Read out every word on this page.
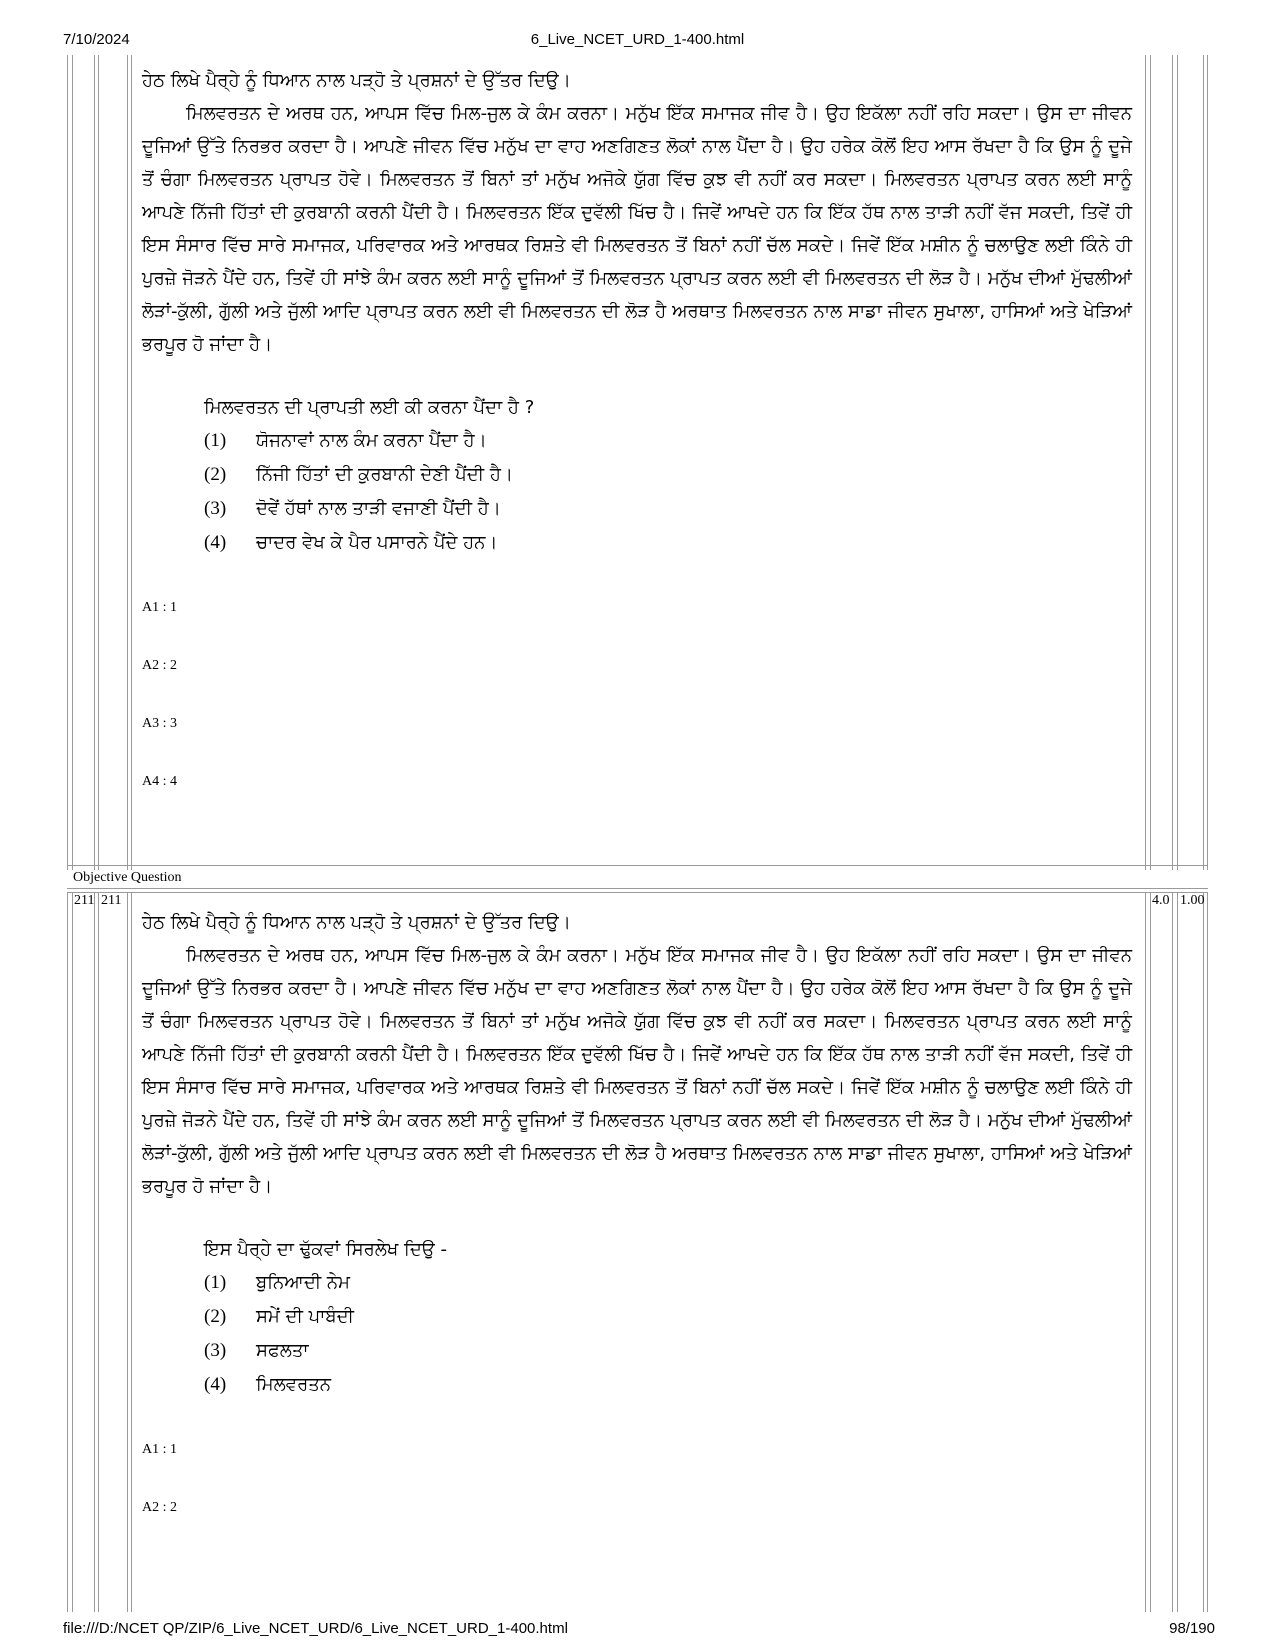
7/10/2024	6_Live_NCET_URD_1-400.html

ਹੇਠ ਲਿਖੇ ਪੈਰ੍ਹੇ ਨੂੰ ਧਿਆਨ ਨਾਲ ਪੜ੍ਹੋ ਤੇ ਪ੍ਰਸ਼ਨਾਂ ਦੇ ਉੱਤਰ ਦਿਉ।

ਮਿਲਵਰਤਨ ਦੇ ਅਰਥ ਹਨ, ਆਪਸ ਵਿੱਚ ਮਿਲ-ਜੁਲ ਕੇ ਕੰਮ ਕਰਨਾ। ਮਨੁੱਖ ਇੱਕ ਸਮਾਜਕ ਜੀਵ ਹੈ। ਉਹ ਇਕੱਲਾ ਨਹੀਂ ਰਹਿ ਸਕਦਾ। ਉਸ ਦਾ ਜੀਵਨ ਦੂਜਿਆਂ ਉੱਤੇ ਨਿਰਭਰ ਕਰਦਾ ਹੈ। ਆਪਣੇ ਜੀਵਨ ਵਿੱਚ ਮਨੁੱਖ ਦਾ ਵਾਹ ਅਣਗਿਣਤ ਲੋਕਾਂ ਨਾਲ ਪੈਂਦਾ ਹੈ। ਉਹ ਹਰੇਕ ਕੋਲੋਂ ਇਹ ਆਸ ਰੱਖਦਾ ਹੈ ਕਿ ਉਸ ਨੂੰ ਦੂਜੇ ਤੋਂ ਚੰਗਾ ਮਿਲਵਰਤਨ ਪ੍ਰਾਪਤ ਹੋਵੇ। ਮਿਲਵਰਤਨ ਤੋਂ ਬਿਨਾਂ ਤਾਂ ਮਨੁੱਖ ਅਜੋਕੇ ਯੁੱਗ ਵਿੱਚ ਕੁਝ ਵੀ ਨਹੀਂ ਕਰ ਸਕਦਾ। ਮਿਲਵਰਤਨ ਪ੍ਰਾਪਤ ਕਰਨ ਲਈ ਸਾਨੂੰ ਆਪਣੇ ਨਿੱਜੀ ਹਿੱਤਾਂ ਦੀ ਕੁਰਬਾਨੀ ਕਰਨੀ ਪੈਂਦੀ ਹੈ। ਮਿਲਵਰਤਨ ਇੱਕ ਦੁਵੱਲੀ ਖਿੱਚ ਹੈ। ਜਿਵੇਂ ਆਖਦੇ ਹਨ ਕਿ ਇੱਕ ਹੱਥ ਨਾਲ ਤਾੜੀ ਨਹੀਂ ਵੱਜ ਸਕਦੀ, ਤਿਵੇਂ ਹੀ ਇਸ ਸੰਸਾਰ ਵਿੱਚ ਸਾਰੇ ਸਮਾਜਕ, ਪਰਿਵਾਰਕ ਅਤੇ ਆਰਥਕ ਰਿਸ਼ਤੇ ਵੀ ਮਿਲਵਰਤਨ ਤੋਂ ਬਿਨਾਂ ਨਹੀਂ ਚੱਲ ਸਕਦੇ। ਜਿਵੇਂ ਇੱਕ ਮਸ਼ੀਨ ਨੂੰ ਚਲਾਉਣ ਲਈ ਕਿੰਨੇ ਹੀ ਪੁਰਜ਼ੇ ਜੋੜਨੇ ਪੈਂਦੇ ਹਨ, ਤਿਵੇਂ ਹੀ ਸਾਂਝੇ ਕੰਮ ਕਰਨ ਲਈ ਸਾਨੂੰ ਦੂਜਿਆਂ ਤੋਂ ਮਿਲਵਰਤਨ ਪ੍ਰਾਪਤ ਕਰਨ ਲਈ ਵੀ ਮਿਲਵਰਤਨ ਦੀ ਲੋੜ ਹੈ। ਮਨੁੱਖ ਦੀਆਂ ਮੁੱਢਲੀਆਂ ਲੋੜਾਂ-ਕੁੱਲੀ, ਗੁੱਲੀ ਅਤੇ ਜੁੱਲੀ ਆਦਿ ਪ੍ਰਾਪਤ ਕਰਨ ਲਈ ਵੀ ਮਿਲਵਰਤਨ ਦੀ ਲੋੜ ਹੈ ਅਰਥਾਤ ਮਿਲਵਰਤਨ ਨਾਲ ਸਾਡਾ ਜੀਵਨ ਸੁਖਾਲਾ, ਹਾਸਿਆਂ ਅਤੇ ਖੇੜਿਆਂ ਭਰਪੂਰ ਹੋ ਜਾਂਦਾ ਹੈ।

ਮਿਲਵਰਤਨ ਦੀ ਪ੍ਰਾਪਤੀ ਲਈ ਕੀ ਕਰਨਾ ਪੈਂਦਾ ਹੈ ?

(1)	ਯੋਜਨਾਵਾਂ ਨਾਲ ਕੰਮ ਕਰਨਾ ਪੈਂਦਾ ਹੈ।
(2)	ਨਿੱਜੀ ਹਿੱਤਾਂ ਦੀ ਕੁਰਬਾਨੀ ਦੇਣੀ ਪੈਂਦੀ ਹੈ।
(3)	ਦੋਵੇਂ ਹੱਥਾਂ ਨਾਲ ਤਾੜੀ ਵਜਾਣੀ ਪੈਂਦੀ ਹੈ।
(4)	ਚਾਦਰ ਵੇਖ ਕੇ ਪੈਰ ਪਸਾਰਨੇ ਪੈਂਦੇ ਹਨ।
A1 : 1
A2 : 2
A3 : 3
A4 : 4
Objective Question
211 211	4.0 1.00

ਹੇਠ ਲਿਖੇ ਪੈਰ੍ਹੇ ਨੂੰ ਧਿਆਨ ਨਾਲ ਪੜ੍ਹੋ ਤੇ ਪ੍ਰਸ਼ਨਾਂ ਦੇ ਉੱਤਰ ਦਿਉ।

ਮਿਲਵਰਤਨ ਦੇ ਅਰਥ ਹਨ, ਆਪਸ ਵਿੱਚ ਮਿਲ-ਜੁਲ ਕੇ ਕੰਮ ਕਰਨਾ। ਮਨੁੱਖ ਇੱਕ ਸਮਾਜਕ ਜੀਵ ਹੈ। ਉਹ ਇਕੱਲਾ ਨਹੀਂ ਰਹਿ ਸਕਦਾ। ਉਸ ਦਾ ਜੀਵਨ ਦੂਜਿਆਂ ਉੱਤੇ ਨਿਰਭਰ ਕਰਦਾ ਹੈ। ਆਪਣੇ ਜੀਵਨ ਵਿੱਚ ਮਨੁੱਖ ਦਾ ਵਾਹ ਅਣਗਿਣਤ ਲੋਕਾਂ ਨਾਲ ਪੈਂਦਾ ਹੈ। ਉਹ ਹਰੇਕ ਕੋਲੋਂ ਇਹ ਆਸ ਰੱਖਦਾ ਹੈ ਕਿ ਉਸ ਨੂੰ ਦੂਜੇ ਤੋਂ ਚੰਗਾ ਮਿਲਵਰਤਨ ਪ੍ਰਾਪਤ ਹੋਵੇ। ਮਿਲਵਰਤਨ ਤੋਂ ਬਿਨਾਂ ਤਾਂ ਮਨੁੱਖ ਅਜੋਕੇ ਯੁੱਗ ਵਿੱਚ ਕੁਝ ਵੀ ਨਹੀਂ ਕਰ ਸਕਦਾ। ਮਿਲਵਰਤਨ ਪ੍ਰਾਪਤ ਕਰਨ ਲਈ ਸਾਨੂੰ ਆਪਣੇ ਨਿੱਜੀ ਹਿੱਤਾਂ ਦੀ ਕੁਰਬਾਨੀ ਕਰਨੀ ਪੈਂਦੀ ਹੈ। ਮਿਲਵਰਤਨ ਇੱਕ ਦੁਵੱਲੀ ਖਿੱਚ ਹੈ। ਜਿਵੇਂ ਆਖਦੇ ਹਨ ਕਿ ਇੱਕ ਹੱਥ ਨਾਲ ਤਾੜੀ ਨਹੀਂ ਵੱਜ ਸਕਦੀ, ਤਿਵੇਂ ਹੀ ਇਸ ਸੰਸਾਰ ਵਿੱਚ ਸਾਰੇ ਸਮਾਜਕ, ਪਰਿਵਾਰਕ ਅਤੇ ਆਰਥਕ ਰਿਸ਼ਤੇ ਵੀ ਮਿਲਵਰਤਨ ਤੋਂ ਬਿਨਾਂ ਨਹੀਂ ਚੱਲ ਸਕਦੇ। ਜਿਵੇਂ ਇੱਕ ਮਸ਼ੀਨ ਨੂੰ ਚਲਾਉਣ ਲਈ ਕਿੰਨੇ ਹੀ ਪੁਰਜ਼ੇ ਜੋੜਨੇ ਪੈਂਦੇ ਹਨ, ਤਿਵੇਂ ਹੀ ਸਾਂਝੇ ਕੰਮ ਕਰਨ ਲਈ ਸਾਨੂੰ ਦੂਜਿਆਂ ਤੋਂ ਮਿਲਵਰਤਨ ਪ੍ਰਾਪਤ ਕਰਨ ਲਈ ਵੀ ਮਿਲਵਰਤਨ ਦੀ ਲੋੜ ਹੈ। ਮਨੁੱਖ ਦੀਆਂ ਮੁੱਢਲੀਆਂ ਲੋੜਾਂ-ਕੁੱਲੀ, ਗੁੱਲੀ ਅਤੇ ਜੁੱਲੀ ਆਦਿ ਪ੍ਰਾਪਤ ਕਰਨ ਲਈ ਵੀ ਮਿਲਵਰਤਨ ਦੀ ਲੋੜ ਹੈ ਅਰਥਾਤ ਮਿਲਵਰਤਨ ਨਾਲ ਸਾਡਾ ਜੀਵਨ ਸੁਖਾਲਾ, ਹਾਸਿਆਂ ਅਤੇ ਖੇੜਿਆਂ ਭਰਪੂਰ ਹੋ ਜਾਂਦਾ ਹੈ।

ਇਸ ਪੈਰ੍ਹੇ ਦਾ ਢੁੱਕਵਾਂ ਸਿਰਲੇਖ ਦਿਉ -

(1)	ਬੁਨਿਆਦੀ ਨੇਮ
(2)	ਸਮੇਂ ਦੀ ਪਾਬੰਦੀ
(3)	ਸਫਲਤਾ
(4)	ਮਿਲਵਰਤਨ
A1 : 1
A2 : 2
file:///D:/NCET QP/ZIP/6_Live_NCET_URD/6_Live_NCET_URD_1-400.html	98/190
